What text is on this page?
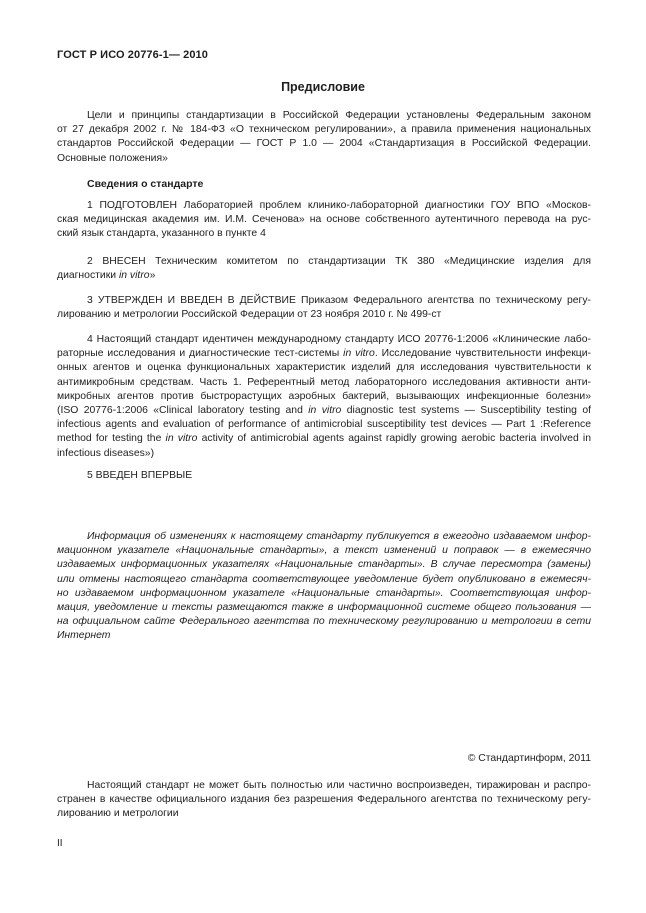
ГОСТ Р ИСО 20776-1— 2010
Предисловие
Цели и принципы стандартизации в Российской Федерации установлены Федеральным законом
от 27 декабря 2002 г. № 184-ФЗ «О техническом регулировании», а правила применения национальных
стандартов Российской Федерации — ГОСТ Р 1.0 — 2004 «Стандартизация в Российской Федерации.
Основные положения»
Сведения о стандарте
1 ПОДГОТОВЛЕН Лабораторией проблем клинико-лабораторной диагностики ГОУ ВПО «Москов-
ская медицинская академия им. И.М. Сеченова» на основе собственного аутентичного перевода на рус-
ский язык стандарта, указанного в пункте 4
2 ВНЕСЕН Техническим комитетом по стандартизации ТК 380 «Медицинские изделия для
диагностики in vitro»
3 УТВЕРЖДЕН И ВВЕДЕН В ДЕЙСТВИЕ Приказом Федерального агентства по техническому регу-
лированию и метрологии Российской Федерации от 23 ноября 2010 г. № 499-ст
4 Настоящий стандарт идентичен международному стандарту ИСО 20776-1:2006 «Клинические лабо-
раторные исследования и диагностические тест-системы in vitro. Исследование чувствительности инфекци-
онных агентов и оценка функциональных характеристик изделий для исследования чувствительности к
антимикробным средствам. Часть 1. Референтный метод лабораторного исследования активности анти-
микробных агентов против быстрорастущих аэробных бактерий, вызывающих инфекционные болезни»
(ISO 20776-1:2006 «Clinical laboratory testing and in vitro diagnostic test systems — Susceptibility testing of
infectious agents and evaluation of performance of antimicrobial susceptibility test devices — Part 1 :Reference
method for testing the in vitro activity of antimicrobial agents against rapidly growing aerobic bacteria involved in
infectious diseases»)
5 ВВЕДЕН ВПЕРВЫЕ
Информация об изменениях к настоящему стандарту публикуется в ежегодно издаваемом инфор-
мационном указателе «Национальные стандарты», а текст изменений и поправок — в ежемесячно
издаваемых информационных указателях «Национальные стандарты». В случае пересмотра (замены)
или отмены настоящего стандарта соответствующее уведомление будет опубликовано в ежемесяч-
но издаваемом информационном указателе «Национальные стандарты». Соответствующая инфор-
мация, уведомление и тексты размещаются также в информационной системе общего пользования —
на официальном сайте Федерального агентства по техническому регулированию и метрологии в сети
Интернет
© Стандартинформ, 2011
Настоящий стандарт не может быть полностью или частично воспроизведен, тиражирован и распро-
странен в качестве официального издания без разрешения Федерального агентства по техническому регу-
лированию и метрологии
II
